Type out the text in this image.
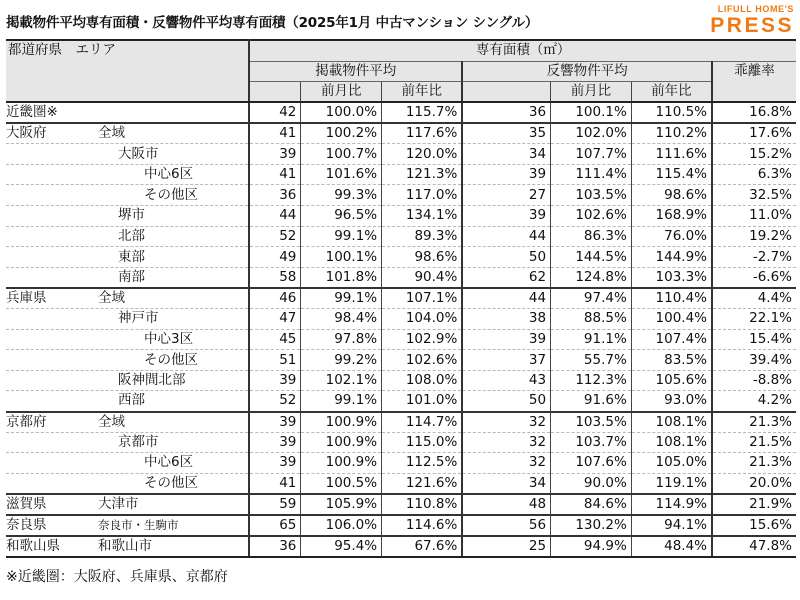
掲載物件平均専有面積・反響物件平均専有面積（2025年1月 中古マンション シングル）
LIFULL HOME'S
PRESS
都道府県　エリア	専有面積（㎡）						
	掲載物件平均			反響物件平均			乖離率
		前月比	前年比		前月比	前年比	
近畿圏※	42	100.0%	115.7%	36	100.1%	110.5%	16.8%
大阪府 全域	41	100.2%	117.6%	35	102.0%	110.2%	17.6%
大阪市	39	100.7%	120.0%	34	107.7%	111.6%	15.2%
中心6区	41	101.6%	121.3%	39	111.4%	115.4%	6.3%
その他区	36	99.3%	117.0%	27	103.5%	98.6%	32.5%
堺市	44	96.5%	134.1%	39	102.6%	168.9%	11.0%
北部	52	99.1%	89.3%	44	86.3%	76.0%	19.2%
東部	49	100.1%	98.6%	50	144.5%	144.9%	-2.7%
南部	58	101.8%	90.4%	62	124.8%	103.3%	-6.6%
兵庫県 全域	46	99.1%	107.1%	44	97.4%	110.4%	4.4%
神戸市	47	98.4%	104.0%	38	88.5%	100.4%	22.1%
中心3区	45	97.8%	102.9%	39	91.1%	107.4%	15.4%
その他区	51	99.2%	102.6%	37	55.7%	83.5%	39.4%
阪神間北部	39	102.1%	108.0%	43	112.3%	105.6%	-8.8%
西部	52	99.1%	101.0%	50	91.6%	93.0%	4.2%
京都府 全域	39	100.9%	114.7%	32	103.5%	108.1%	21.3%
京都市	39	100.9%	115.0%	32	103.7%	108.1%	21.5%
中心6区	39	100.9%	112.5%	32	107.6%	105.0%	21.3%
その他区	41	100.5%	121.6%	34	90.0%	119.1%	20.0%
滋賀県 大津市	59	105.9%	110.8%	48	84.6%	114.9%	21.9%
奈良県 奈良市・生駒市	65	106.0%	114.6%	56	130.2%	94.1%	15.6%
和歌山県 和歌山市	36	95.4%	67.6%	25	94.9%	48.4%	47.8%
※近畿圏：大阪府、兵庫県、京都府
